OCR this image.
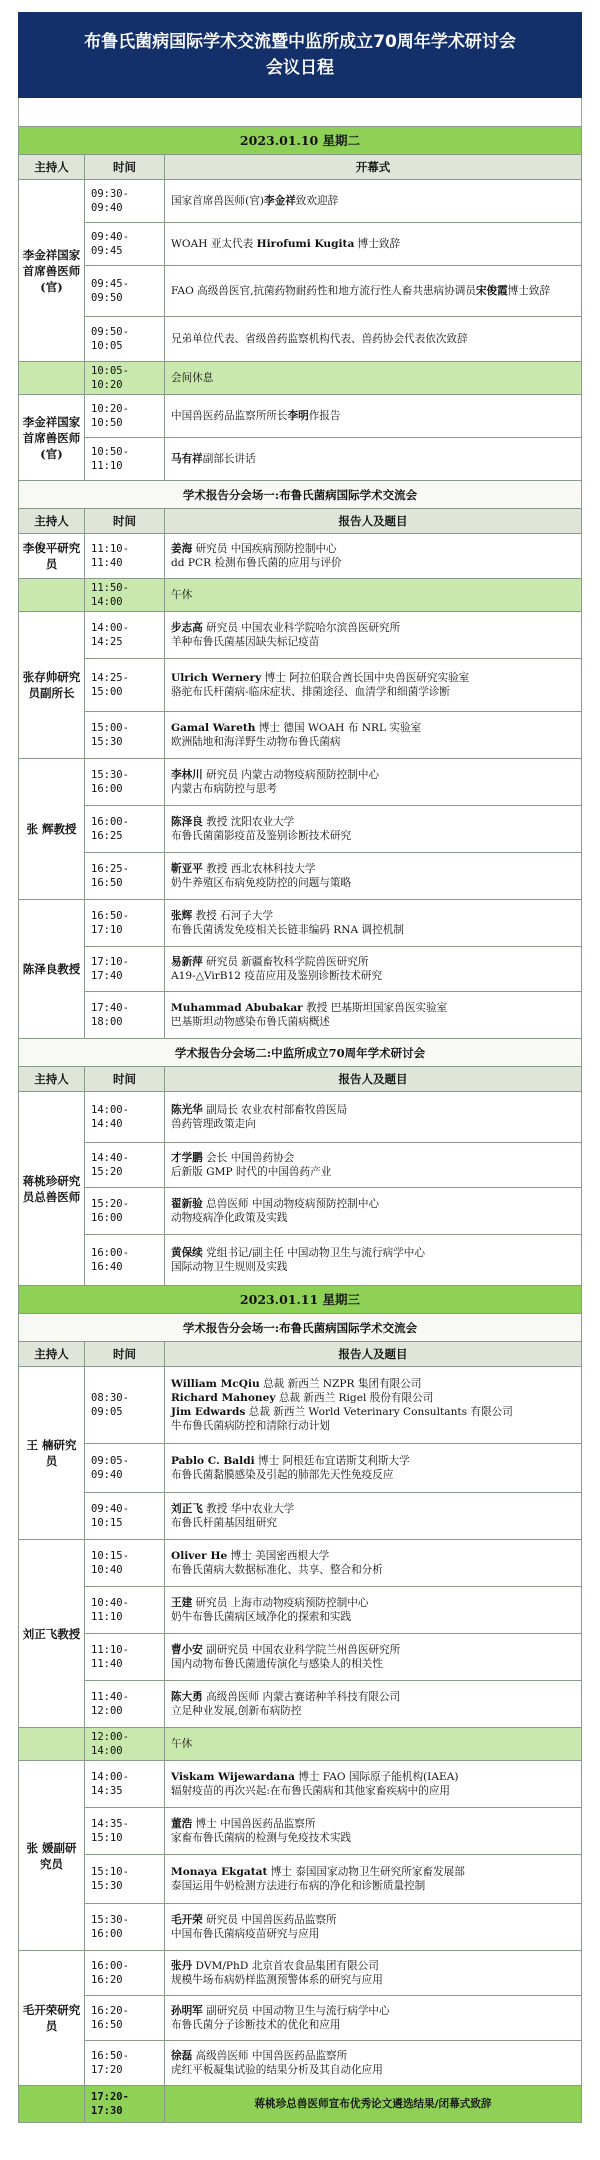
布鲁氏菌病国际学术交流暨中监所成立70周年学术研讨会
会议日程
2023.01.10 星期二		
主持人	时间	开幕式
李金祥国家首席兽医师(官)	09:30-09:40	国家首席兽医师(官)李金祥致欢迎辞
	09:40-09:45	WOAH 亚太代表 Hirofumi Kugita 博士致辞
	09:45-09:50	FAO 高级兽医官,抗菌药物耐药性和地方流行性人畜共患病协调员宋俊霞博士致辞
	09:50-10:05	兄弟单位代表、省级兽药监察机构代表、兽药协会代表依次致辞
	10:05-10:20	会间休息
李金祥国家首席兽医师(官)	10:20-10:50	中国兽医药品监察所所长李明作报告
	10:50-11:10	马有祥副部长讲话
学术报告分会场一:布鲁氏菌病国际学术交流会		
主持人	时间	报告人及题目
李俊平研究员	11:10-11:40	姜海 研究员 中国疾病预防控制中心
dd PCR 检测布鲁氏菌的应用与评价
	11:50-14:00	午休
张存帅研究员副所长	14:00-14:25	步志高 研究员 中国农业科学院哈尔滨兽医研究所
羊种布鲁氏菌基因缺失标记疫苗
	14:25-15:00	Ulrich Wernery 博士 阿拉伯联合酋长国中央兽医研究实验室
骆驼布氏杆菌病-临床症状、排菌途径、血清学和细菌学诊断
	15:00-15:30	Gamal Wareth 博士 德国 WOAH 布 NRL 实验室
欧洲陆地和海洋野生动物布鲁氏菌病
张 辉教授	15:30-16:00	李林川 研究员 内蒙古动物疫病预防控制中心
内蒙古布病防控与思考
	16:00-16:25	陈泽良 教授 沈阳农业大学
布鲁氏菌菌影疫苗及鉴别诊断技术研究
	16:25-16:50	靳亚平 教授 西北农林科技大学
奶牛养殖区布病免疫防控的问题与策略
陈泽良教授	16:50-17:10	张辉 教授 石河子大学
布鲁氏菌诱发免疫相关长链非编码 RNA 调控机制
	17:10-17:40	易新萍 研究员 新疆畜牧科学院兽医研究所
A19-△VirB12 疫苗应用及鉴别诊断技术研究
	17:40-18:00	Muhammad Abubakar 教授 巴基斯坦国家兽医实验室
巴基斯坦动物感染布鲁氏菌病概述
学术报告分会场二:中监所成立70周年学术研讨会		
主持人	时间	报告人及题目
蒋桃珍研究员总兽医师	14:00-14:40	陈光华 副局长 农业农村部畜牧兽医局
兽药管理政策走向
	14:40-15:20	才学鹏 会长 中国兽药协会
后新版 GMP 时代的中国兽药产业
	15:20-16:00	翟新验 总兽医师 中国动物疫病预防控制中心
动物疫病净化政策及实践
	16:00-16:40	黄保续 党组书记/副主任 中国动物卫生与流行病学中心
国际动物卫生规则及实践
2023.01.11 星期三		
学术报告分会场一:布鲁氏菌病国际学术交流会		
主持人	时间	报告人及题目
王 楠研究员	08:30-09:05	William McQiu 总裁 新西兰 NZPR 集团有限公司
Richard Mahoney 总裁 新西兰 Rigel 股份有限公司
Jim Edwards 总裁 新西兰 World Veterinary Consultants 有限公司
牛布鲁氏菌病防控和清除行动计划
	09:05-09:40	Pablo C. Baldi 博士 阿根廷布宜诺斯艾利斯大学
布鲁氏菌黏膜感染及引起的肺部先天性免疫反应
	09:40-10:15	刘正飞 教授 华中农业大学
布鲁氏杆菌基因组研究
刘正飞教授	10:15-10:40	Oliver He 博士 美国密西根大学
布鲁氏菌病大数据标准化、共享、整合和分析
	10:40-11:10	王建 研究员 上海市动物疫病预防控制中心
奶牛布鲁氏菌病区域净化的探索和实践
	11:10-11:40	曹小安 副研究员 中国农业科学院兰州兽医研究所
国内动物布鲁氏菌遗传演化与感染人的相关性
	11:40-12:00	陈大勇 高级兽医师 内蒙古赛诺种羊科技有限公司
立足种业发展,创新布病防控
	12:00-14:00	午休
张 媛副研究员	14:00-14:35	Viskam Wijewardana 博士 FAO 国际原子能机构(IAEA)
辐射疫苗的再次兴起:在布鲁氏菌病和其他家畜疾病中的应用
	14:35-15:10	董浩 博士 中国兽医药品监察所
家畜布鲁氏菌病的检测与免疫技术实践
	15:10-15:30	Monaya Ekgatat 博士 泰国国家动物卫生研究所家畜发展部
泰国运用牛奶检测方法进行布病的净化和诊断质量控制
	15:30-16:00	毛开荣 研究员 中国兽医药品监察所
中国布鲁氏菌病疫苗研究与应用
毛开荣研究员	16:00-16:20	张丹 DVM/PhD 北京首农食品集团有限公司
规模牛场布病奶样监测预警体系的研究与应用
	16:20-16:50	孙明军 副研究员 中国动物卫生与流行病学中心
布鲁氏菌分子诊断技术的优化和应用
	16:50-17:20	徐磊 高级兽医师 中国兽医药品监察所
虎红平板凝集试验的结果分析及其自动化应用
	17:20-17:30	蒋桃珍总兽医师宣布优秀论文遴选结果/闭幕式致辞
